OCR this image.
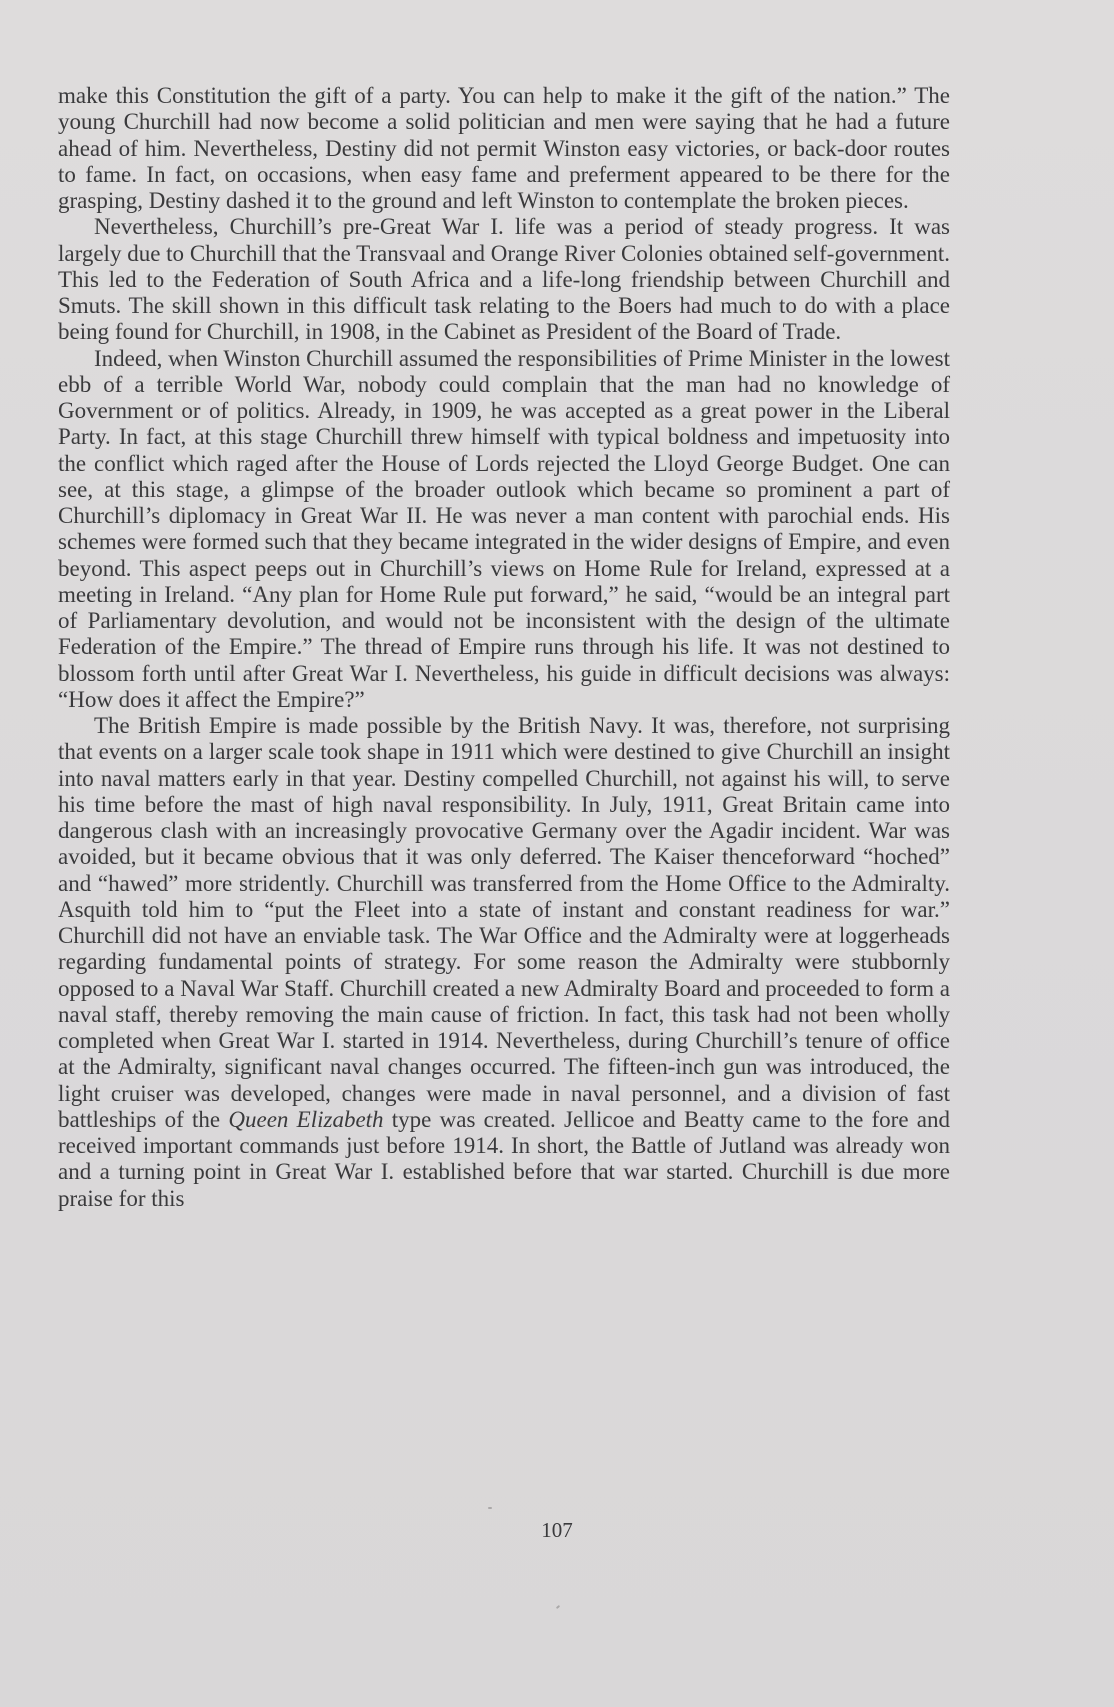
make this Constitution the gift of a party. You can help to make it the gift of the nation.” The young Churchill had now become a solid politician and men were saying that he had a future ahead of him. Nevertheless, Destiny did not permit Winston easy victories, or back-door routes to fame. In fact, on occasions, when easy fame and preferment appeared to be there for the grasping, Destiny dashed it to the ground and left Winston to contemplate the broken pieces.

Nevertheless, Churchill’s pre-Great War I. life was a period of steady progress. It was largely due to Churchill that the Transvaal and Orange River Colonies obtained self-government. This led to the Federation of South Africa and a life-long friendship between Churchill and Smuts. The skill shown in this difficult task relating to the Boers had much to do with a place being found for Churchill, in 1908, in the Cabinet as President of the Board of Trade.

Indeed, when Winston Churchill assumed the responsibilities of Prime Minister in the lowest ebb of a terrible World War, nobody could complain that the man had no knowledge of Government or of politics. Already, in 1909, he was accepted as a great power in the Liberal Party. In fact, at this stage Churchill threw himself with typical boldness and impetuosity into the conflict which raged after the House of Lords rejected the Lloyd George Budget. One can see, at this stage, a glimpse of the broader outlook which became so prominent a part of Churchill’s diplomacy in Great War II. He was never a man content with parochial ends. His schemes were formed such that they became integrated in the wider designs of Empire, and even beyond. This aspect peeps out in Churchill’s views on Home Rule for Ireland, expressed at a meeting in Ireland. “Any plan for Home Rule put forward,” he said, “would be an integral part of Parliamentary devolution, and would not be inconsistent with the design of the ultimate Federation of the Empire.” The thread of Empire runs through his life. It was not destined to blossom forth until after Great War I. Nevertheless, his guide in difficult decisions was always: “How does it affect the Empire?”

The British Empire is made possible by the British Navy. It was, therefore, not surprising that events on a larger scale took shape in 1911 which were destined to give Churchill an insight into naval matters early in that year. Destiny compelled Churchill, not against his will, to serve his time before the mast of high naval responsibility. In July, 1911, Great Britain came into dangerous clash with an increasingly provocative Germany over the Agadir incident. War was avoided, but it became obvious that it was only deferred. The Kaiser thenceforward “hoched” and “hawed” more stridently. Churchill was transferred from the Home Office to the Admiralty. Asquith told him to “put the Fleet into a state of instant and constant readiness for war.” Churchill did not have an enviable task. The War Office and the Admiralty were at loggerheads regarding fundamental points of strategy. For some reason the Admiralty were stubbornly opposed to a Naval War Staff. Churchill created a new Admiralty Board and proceeded to form a naval staff, thereby removing the main cause of friction. In fact, this task had not been wholly completed when Great War I. started in 1914. Nevertheless, during Churchill’s tenure of office at the Admiralty, significant naval changes occurred. The fifteen-inch gun was introduced, the light cruiser was developed, changes were made in naval personnel, and a division of fast battleships of the Queen Elizabeth type was created. Jellicoe and Beatty came to the fore and received important commands just before 1914. In short, the Battle of Jutland was already won and a turning point in Great War I. established before that war started. Churchill is due more praise for this

107
